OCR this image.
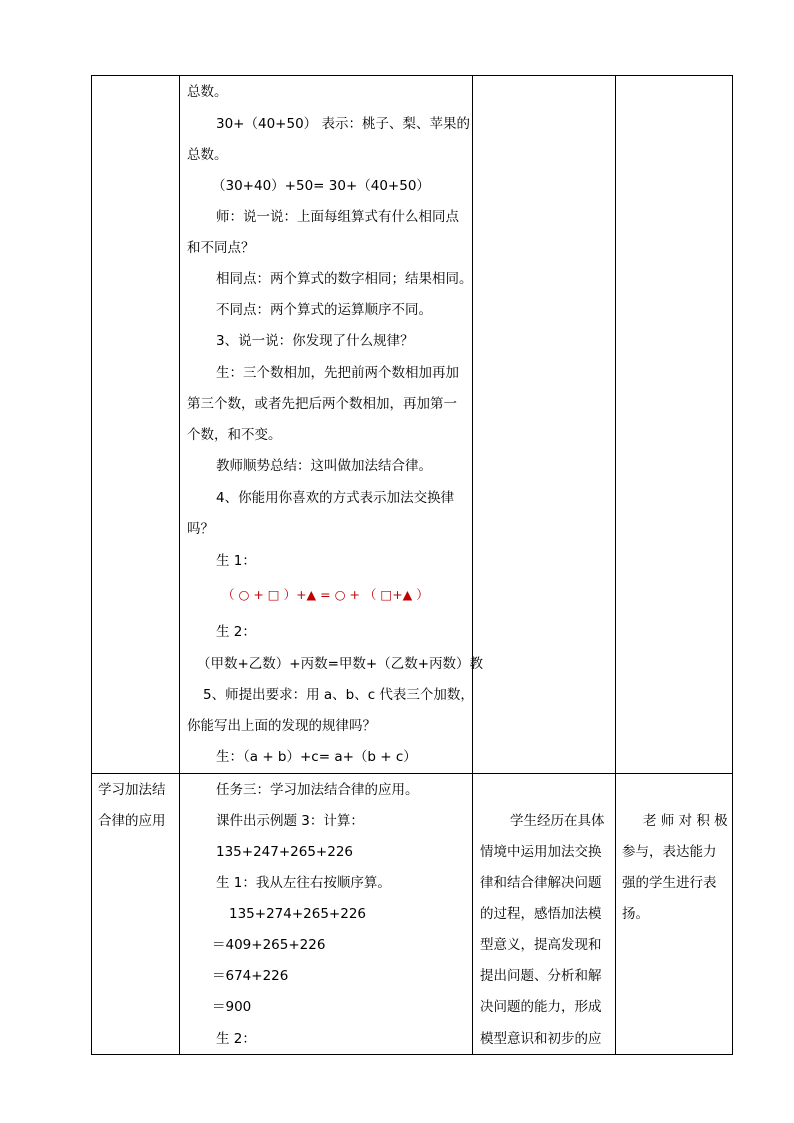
总数。
30+（40+50） 表示：桃子、梨、苹果的
总数。
（30+40）+50= 30+（40+50）
师：说一说：上面每组算式有什么相同点
和不同点？
相同点：两个算式的数字相同；结果相同。
不同点：两个算式的运算顺序不同。
3、说一说：你发现了什么规律？
生：三个数相加，先把前两个数相加再加
第三个数，或者先把后两个数相加，再加第一
个数，和不变。
教师顺势总结：这叫做加法结合律。
4、你能用你喜欢的方式表示加法交换律
吗？
生 1：
（ ○ + □ ）+▲ = ○ + （ □+▲ ）
生 2：
（甲数+乙数）+丙数=甲数+（乙数+丙数）教
5、师提出要求：用 a、b、c 代表三个加数，
你能写出上面的发现的规律吗？
生：（a + b）+c= a+（b + c）
学习加法结
合律的应用
任务三：学习加法结合律的应用。
课件出示例题 3：计算：
135+247+265+226
生 1：我从左往右按顺序算。
135+274+265+226
＝409+265+226
＝674+226
＝900
生 2：
学生经历在具体
情境中运用加法交换
律和结合律解决问题
的过程，感悟加法模
型意义，提高发现和
提出问题、分析和解
决问题的能力，形成
模型意识和初步的应
老 师 对 积 极
参与，表达能力
强的学生进行表
扬。
